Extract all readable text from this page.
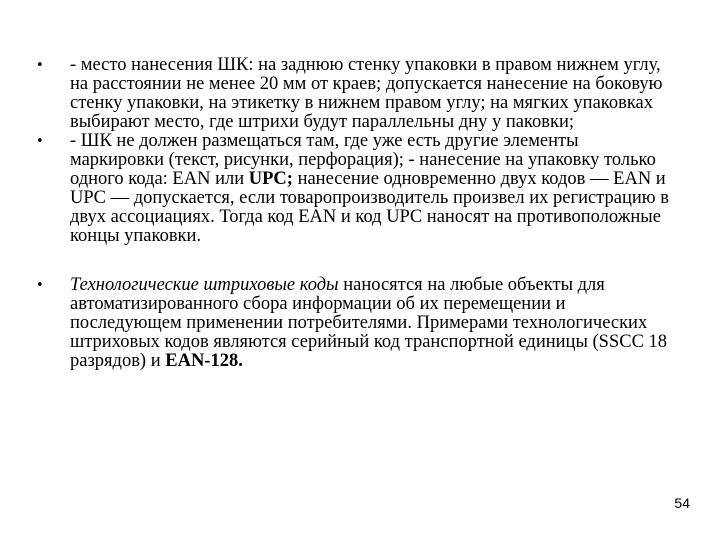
• - место нанесения ШК: на заднюю стенку упаковки в правом нижнем углу, на расстоянии не менее 20 мм от краев; допускается нанесение на боковую стенку упаковки, на этикетку в нижнем правом углу; на мягких упаковках выбирают место, где штрихи будут параллельны дну у паковки;

• - ШК не должен размещаться там, где уже есть другие элементы маркировки (текст, рисунки, перфорация); - нанесение на упаковку только одного кода: EAN или UPC; нанесение одновременно двух кодов — EAN и UPC — допускается, если товаропроизводитель произвел их регистрацию в двух ассоциациях. Тогда код EAN и код UPC наносят на противоположные концы упаковки.

• Технологические штриховые коды наносятся на любые объекты для автоматизированного сбора информации об их перемещении и последующем применении потребителями. Примерами технологических штриховых кодов являются серийный код транспортной единицы (SSCC 18 разрядов) и EAN-128.

54
